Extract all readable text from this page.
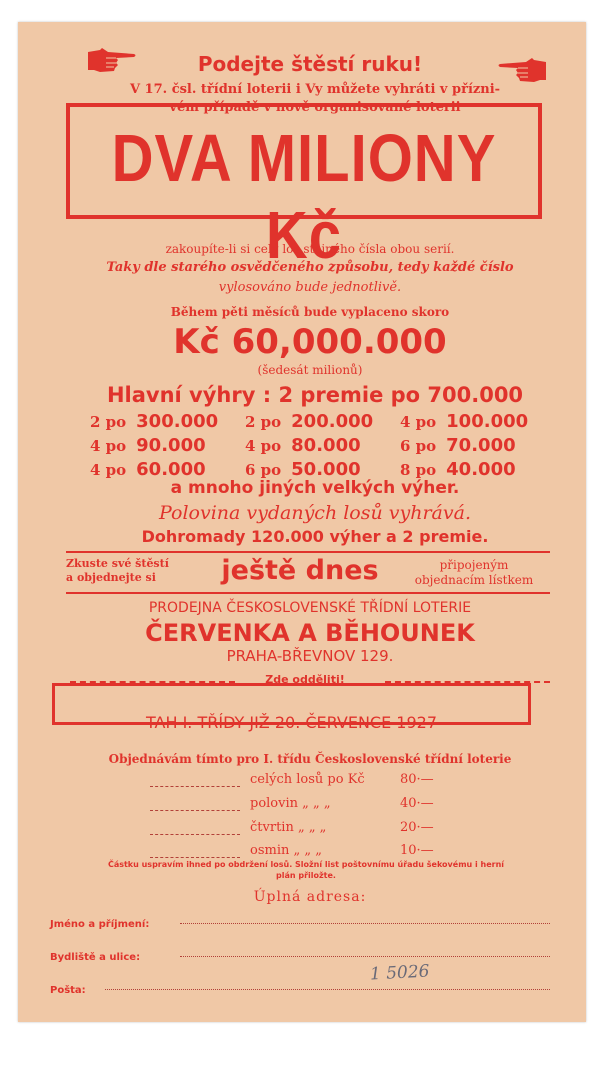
Podejte štěstí ruku!
V 17. čsl. třídní loterii i Vy můžete vyhráti v přízni-
vém případě v nově organisované loterii
DVA MILIONY Kč
zakoupíte-li si celý los stejného čísla obou serií.
Taky dle starého osvědčeného způsobu, tedy každé číslo
vylosováno bude jednotlivě.
Během pěti měsíců bude vyplaceno skoro
Kč 60,000.000
(šedesát milionů)
Hlavní výhry : 2 premie po 700.000
2 po 300.000 2 po 200.000 4 po 100.000
4 po 90.000	4 po 80.000	6 po 70.000
4 po 60.000	6 po 50.000	8 po 40.000
a mnoho jiných velkých výher.
Polovina vydaných losů vyhrává.
Dohromady 120.000 výher a 2 premie.
Zkuste své štěstí
a objednejte si	ještě dnes	připojeným
objednacím lístkem
PRODEJNA ČESKOSLOVENSKÉ TŘÍDNÍ LOTERIE
ČERVENKA A BĚHOUNEK
PRAHA-BŘEVNOV 129.
Zde odděliti!
TAH I. TŘÍDY JIŽ 20. ČERVENCE 1927
Objednávám tímto pro I. třídu Československé třídní loterie
celých losů po Kč	80·—
polovin „ „ „	40·—
čtvrtin „ „ „	20·—
osmin „ „ „	10·—
Částku uspravím ihned po obdržení losů. Složní list poštovnímu úřadu šekovému i herní
plán přiložte.
Úplná adresa:
Jméno a příjmení:
Bydliště a ulice:
Pošta:
1 5026
